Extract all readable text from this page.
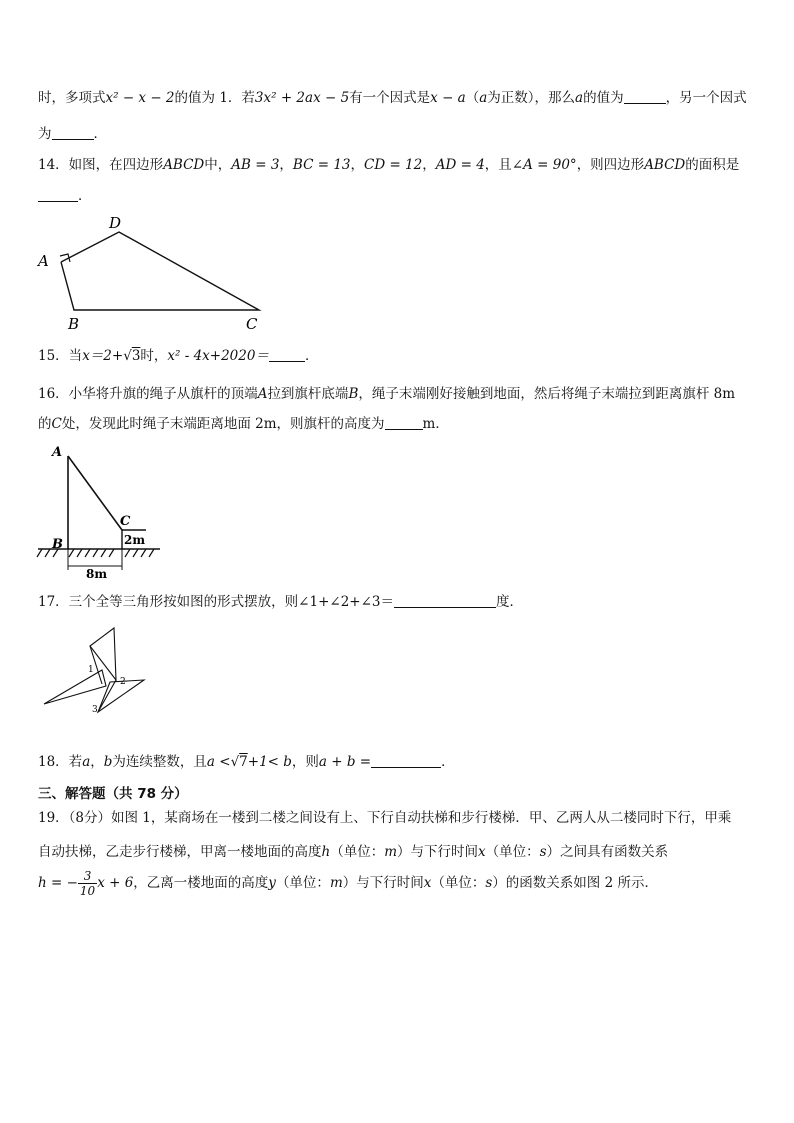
时，多项式x² − x − 2的值为 1．若3x² + 2ax − 5有一个因式是x − a（a为正数），那么a的值为	，另一个因式
为	．
14．如图，在四边形ABCD中，AB = 3，BC = 13，CD = 12，AD = 4，且∠A = 90°，则四边形ABCD的面积是
．
A
B	C
D
15．当x＝2+√3时，x² - 4x+2020＝	．
16．小华将升旗的绳子从旗杆的顶端A拉到旗杆底端B，绳子末端刚好接触到地面，然后将绳子末端拉到距离旗杆 8m
的C处，发现此时绳子末端距离地面 2m，则旗杆的高度为	m．
A
B
C
2m
8m
17．三个全等三角形按如图的形式摆放，则∠1+∠2+∠3＝	度．
1
2
3
18．若a，b为连续整数，且a <√7+1< b，则a + b =	．
三、解答题（共 78 分）
19．（8分）如图 1，某商场在一楼到二楼之间设有上、下行自动扶梯和步行楼梯．甲、乙两人从二楼同时下行，甲乘
自动扶梯，乙走步行楼梯，甲离一楼地面的高度h（单位：m）与下行时间x（单位：s）之间具有函数关系
h = − $\frac{3}{10}$ x + 6，乙离一楼地面的高度y（单位：m）与下行时间x（单位：s）的函数关系如图 2 所示．
